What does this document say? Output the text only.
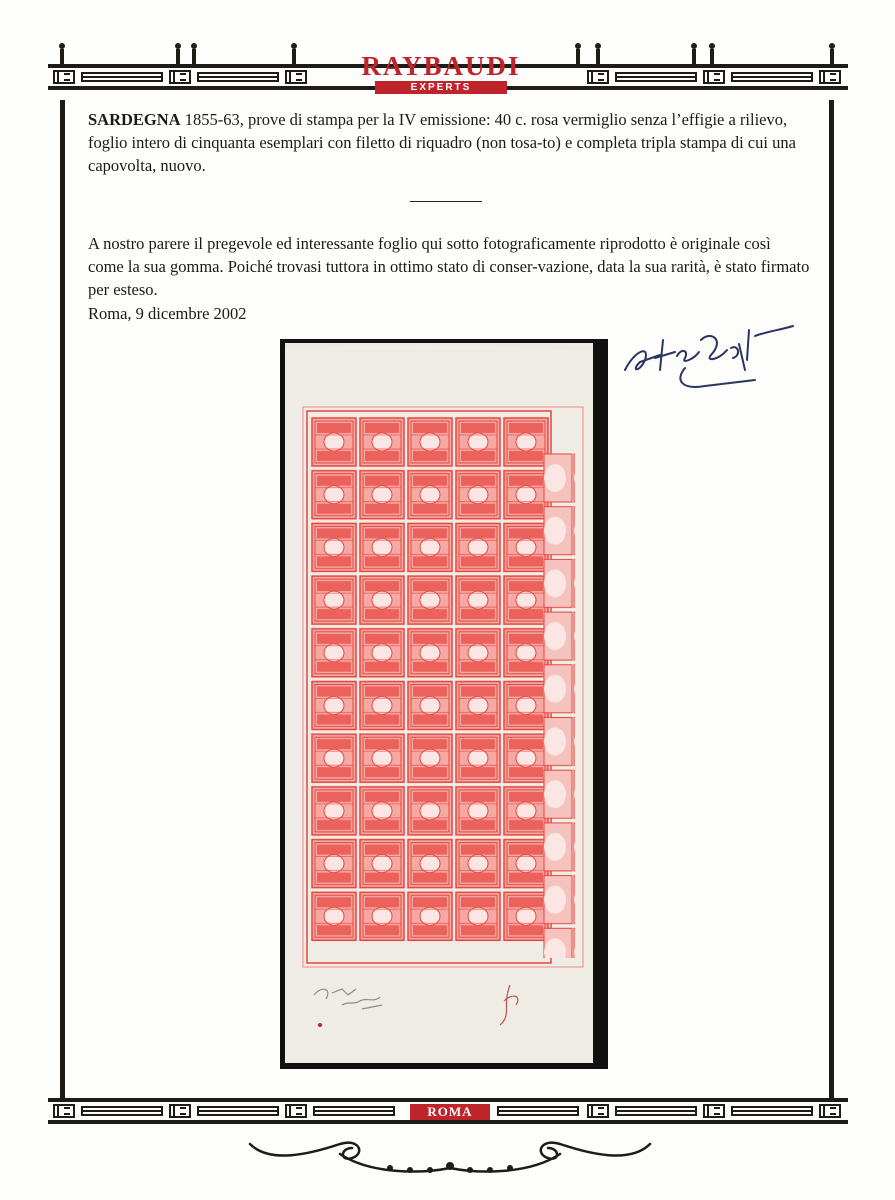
RAYBAUDI
EXPERTS
SARDEGNA 1855-63, prove di stampa per la IV emissione: 40 c. rosa vermiglio senza l’effigie a rilievo, foglio intero di cinquanta esemplari con filetto di riquadro (non tosa-to) e completa tripla stampa di cui una capovolta, nuovo.
A nostro parere il pregevole ed interessante foglio qui sotto fotograficamente riprodotto è originale così come la sua gomma. Poiché trovasi tuttora in ottimo stato di conser-vazione, data la sua rarità, è stato firmato per esteso.
Roma, 9 dicembre 2002
ROMA
